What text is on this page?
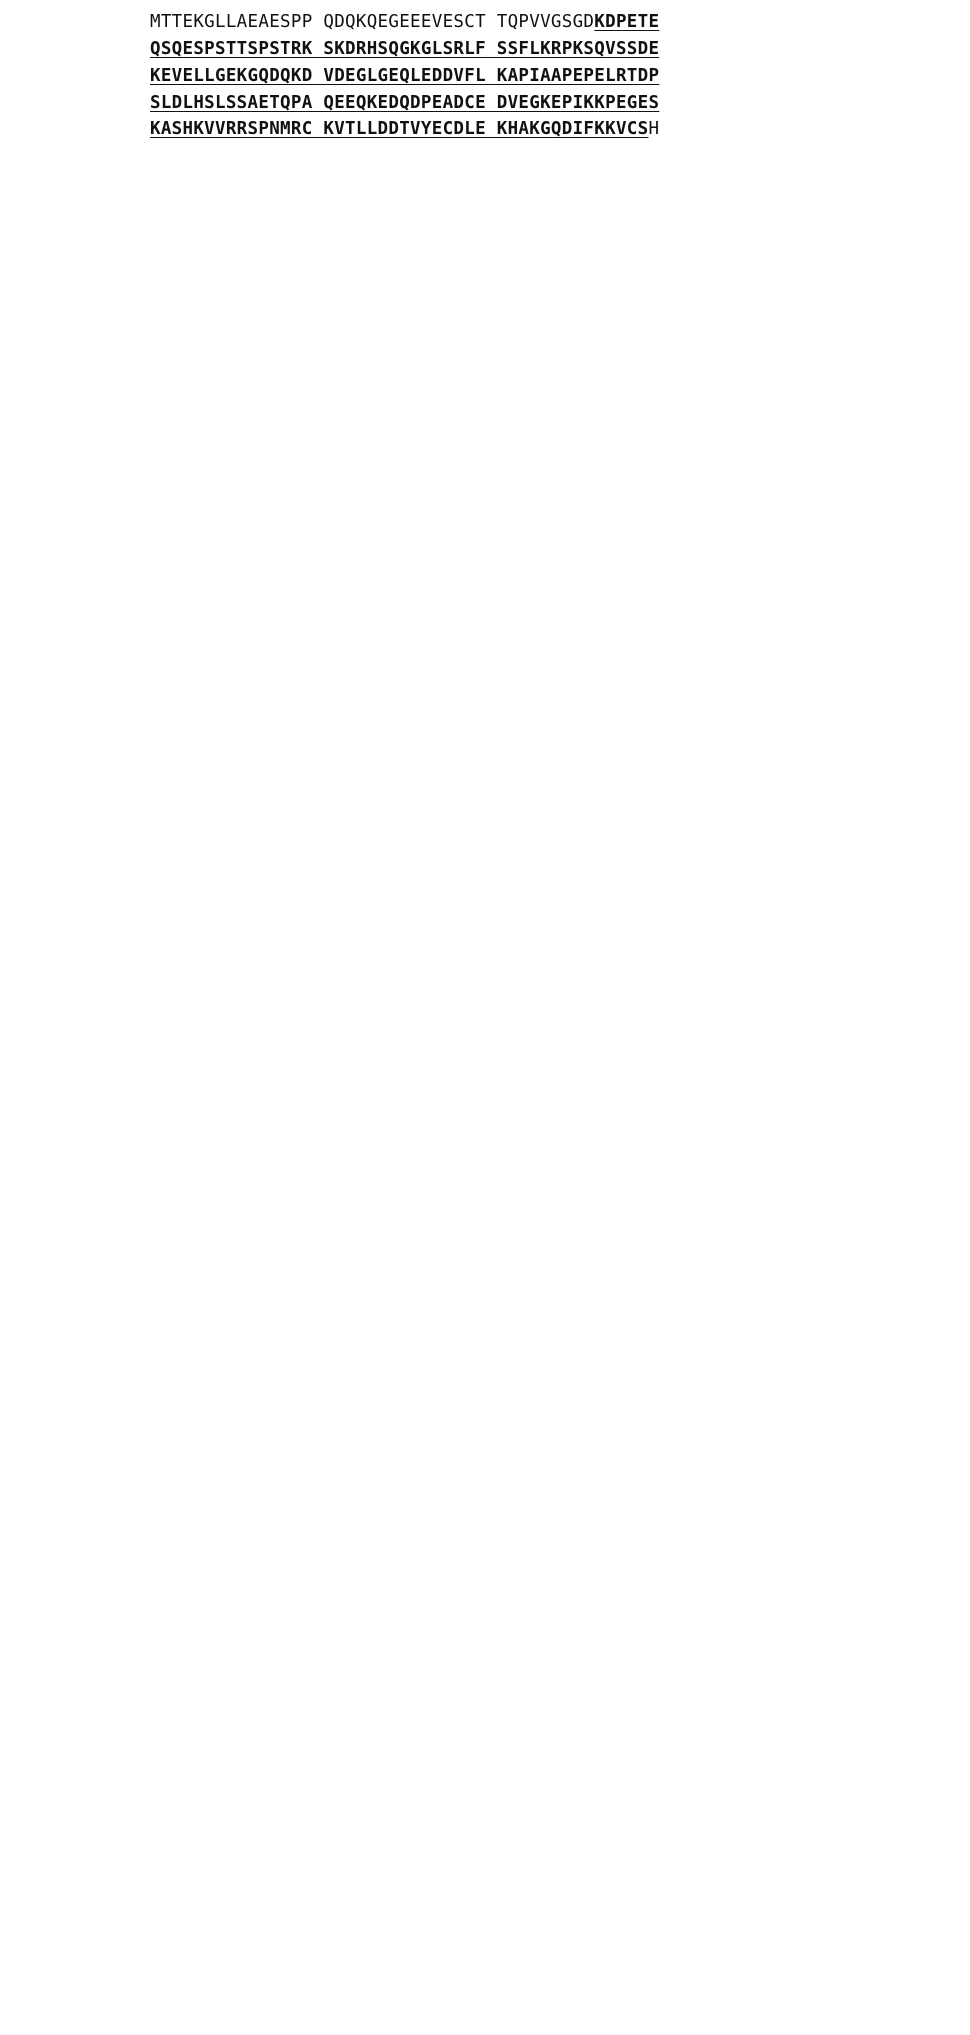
MTTEKGLLAEAESPP QDQKQEGEEEVESCT TQPVVGSGDKDPETE
QSQESPSTTSPSTRK SKDRHSQGKGLSRLF SSFLKRPKSQVSSDE
KEVELLGEKGQDQKD VDEGLGEQLEDDVFL KAPIAAPEPELRTDP
SLDLHSLSSAETQPA QEEQKEDQDPEADCE DVEGKEPIKKPEGES
KASHKVVRRSPNMRC KVTLLDDTVYECDLE KHAKGQDIFKKVCSH
